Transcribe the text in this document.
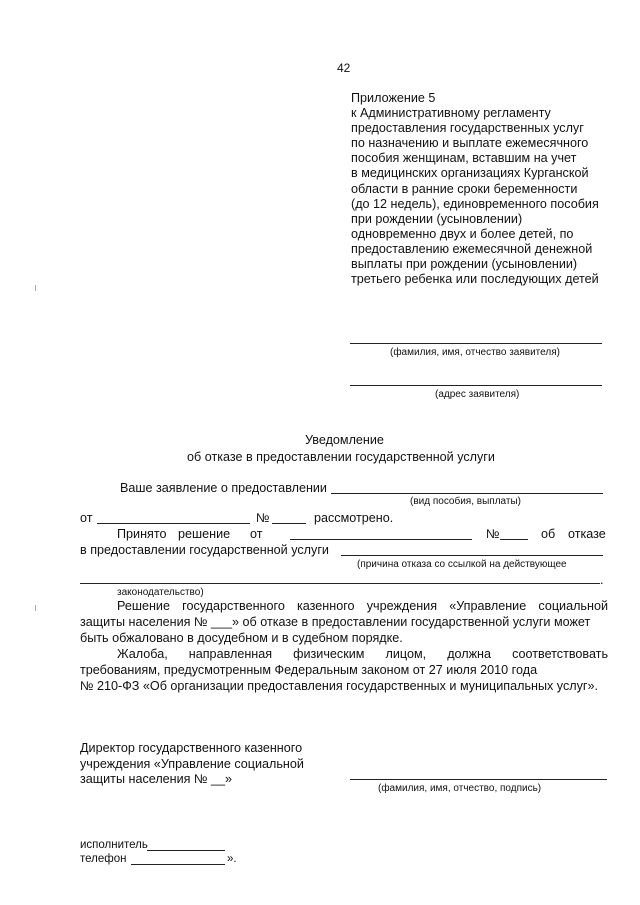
42
Приложение 5
к Административному регламенту
предоставления государственных услуг
по назначению и выплате ежемесячного
пособия женщинам, вставшим на учет
в медицинских организациях Курганской
области в ранние сроки беременности
(до 12 недель), единовременного пособия
при рождении (усыновлении)
одновременно двух и более детей, по
предоставлению ежемесячной денежной
выплаты при рождении (усыновлении)
третьего ребенка или последующих детей
(фамилия, имя, отчество заявителя)
(адрес заявителя)
Уведомление
об отказе в предоставлении государственной услуги
Ваше заявление о предоставлении
(вид пособия, выплаты)
от	№	рассмотрено.
Принято решение от	№	об отказе
в предоставлении государственной услуги
(причина отказа со ссылкой на действующее
.
законодательство)
Решение государственного казенного учреждения «Управление социальной
защиты населения № ___» об отказе в предоставлении государственной услуги может
быть обжаловано в досудебном и в судебном порядке.
Жалоба, направленная физическим лицом, должна соответствовать
требованиям, предусмотренным Федеральным законом от 27 июля 2010 года
№ 210-ФЗ «Об организации предоставления государственных и муниципальных услуг».
Директор государственного казенного
учреждения «Управление социальной
защиты населения № __»
(фамилия, имя, отчество, подпись)
исполнитель
телефон	».
